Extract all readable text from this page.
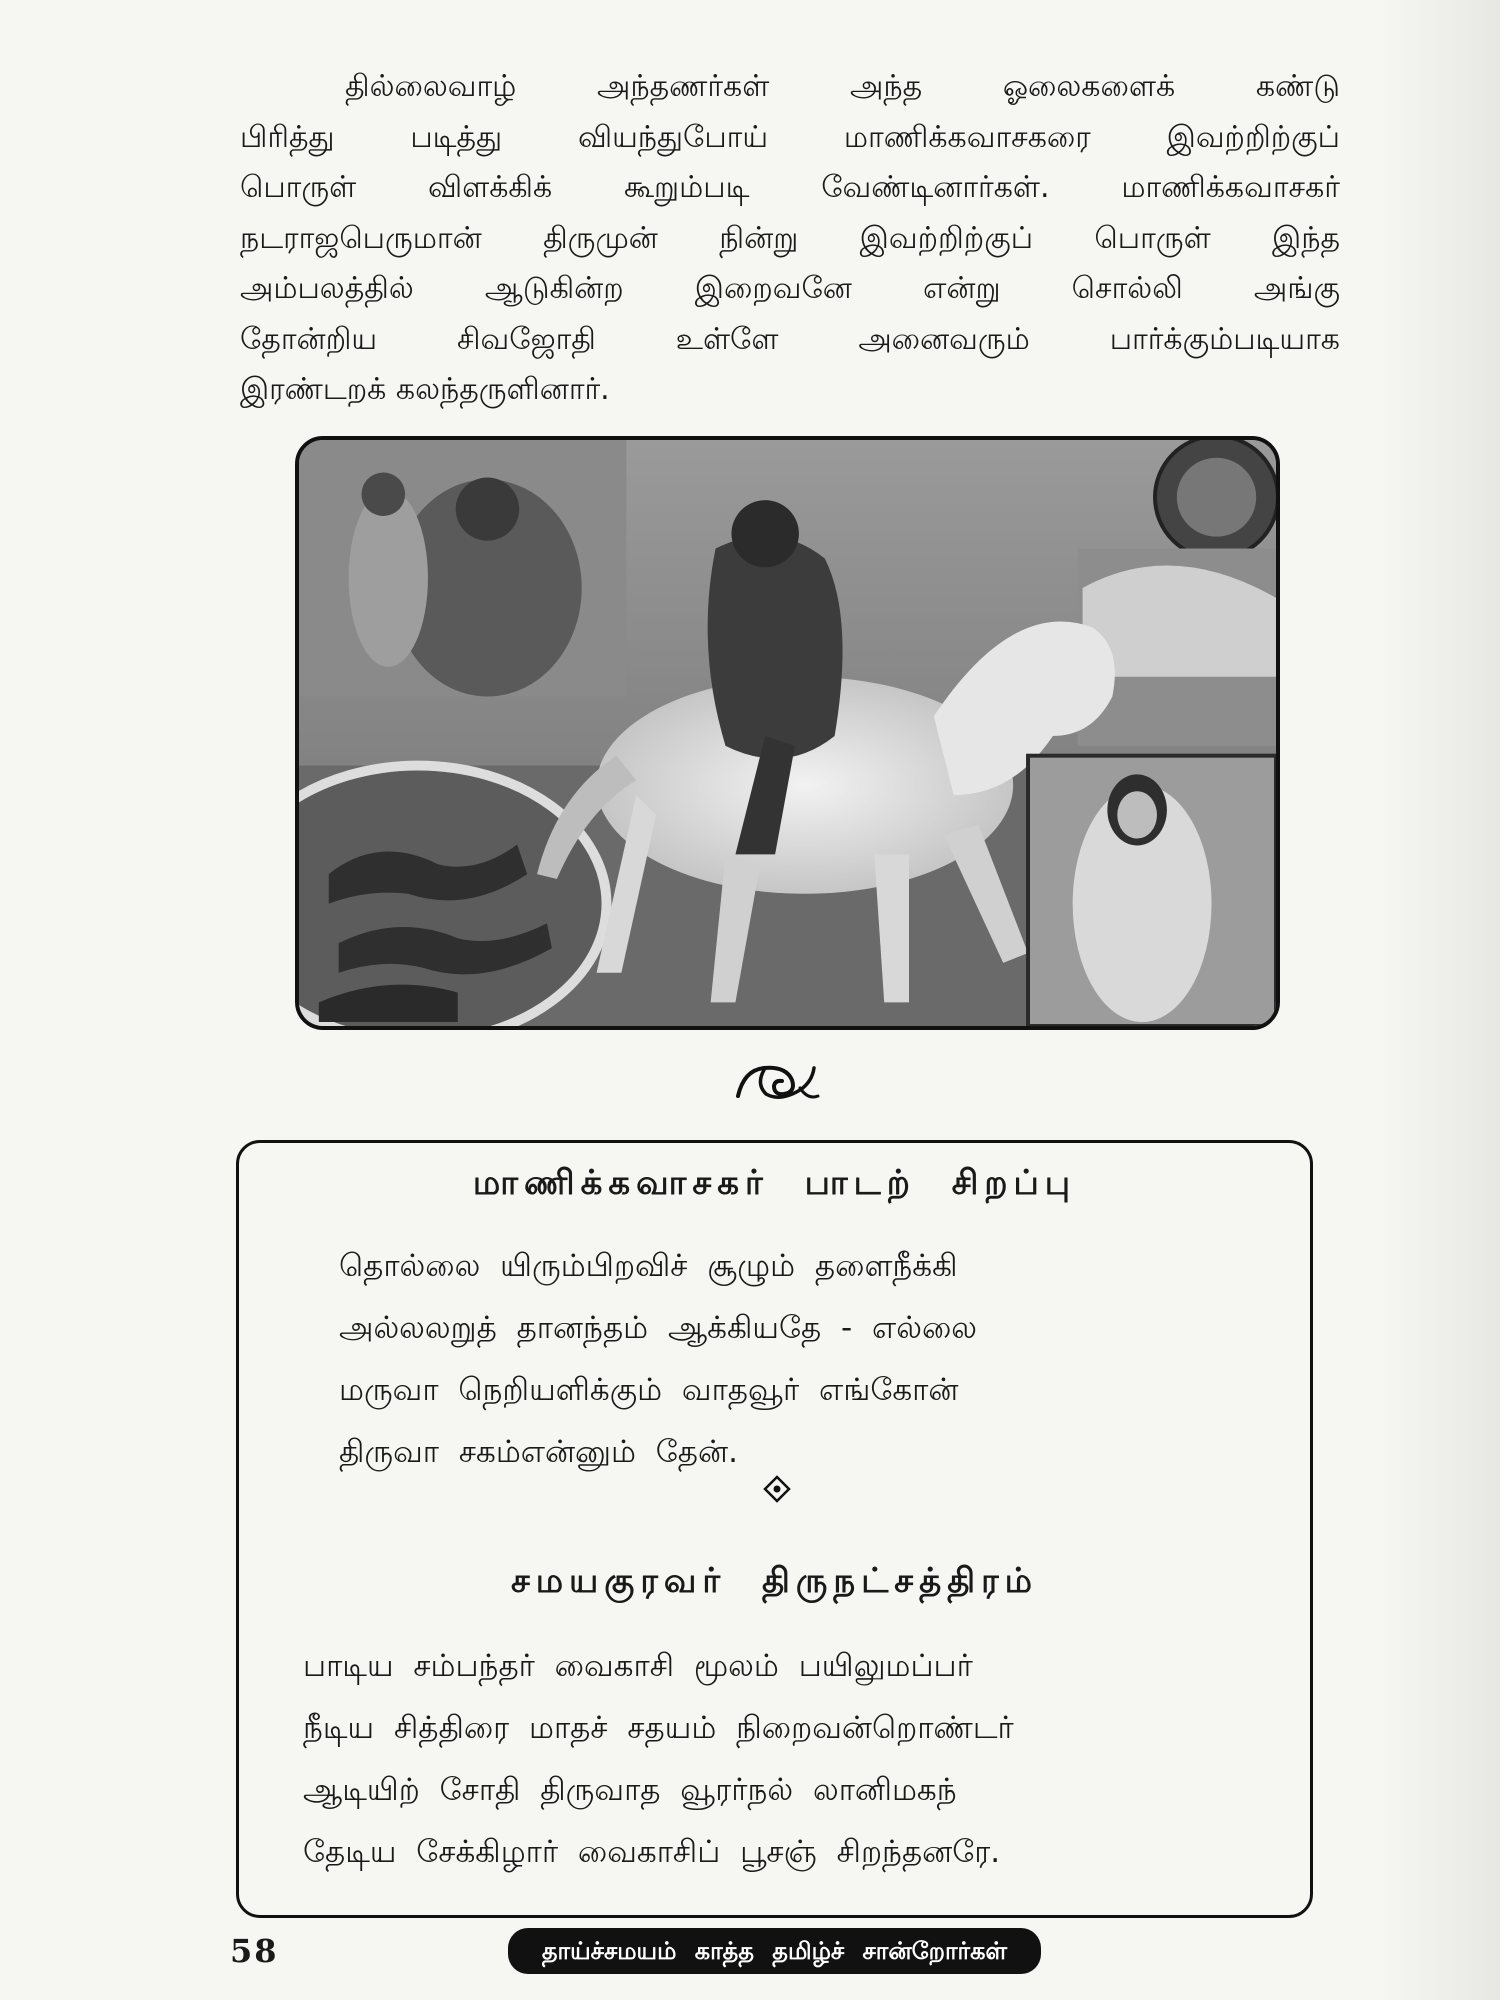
தில்லைவாழ் அந்தணர்கள் அந்த ஓலைகளைக் கண்டு
பிரித்து படித்து வியந்துபோய் மாணிக்கவாசகரை இவற்றிற்குப்
பொருள் விளக்கிக் கூறும்படி வேண்டினார்கள். மாணிக்கவாசகர்
நடராஜபெருமான் திருமுன் நின்று இவற்றிற்குப் பொருள் இந்த
அம்பலத்தில் ஆடுகின்ற இறைவனே என்று சொல்லி அங்கு
தோன்றிய சிவஜோதி உள்ளே அனைவரும் பார்க்கும்படியாக
இரண்டறக் கலந்தருளினார்.
மாணிக்கவாசகர் பாடற் சிறப்பு
தொல்லை யிரும்பிறவிச் சூழும் தளைநீக்கி
அல்லலறுத் தானந்தம் ஆக்கியதே - எல்லை
மருவா நெறியளிக்கும் வாதவூர் எங்கோன்
திருவா சகம்என்னும் தேன்.
சமயகுரவர் திருநட்சத்திரம்
பாடிய சம்பந்தர் வைகாசி மூலம் பயிலுமப்பர்
நீடிய சித்திரை மாதச் சதயம் நிறைவன்றொண்டர்
ஆடியிற் சோதி திருவாத வூரர்நல் லானிமகந்
தேடிய சேக்கிழார் வைகாசிப் பூசஞ் சிறந்தனரே.
58	தாய்ச்சமயம் காத்த தமிழ்ச் சான்றோர்கள்
